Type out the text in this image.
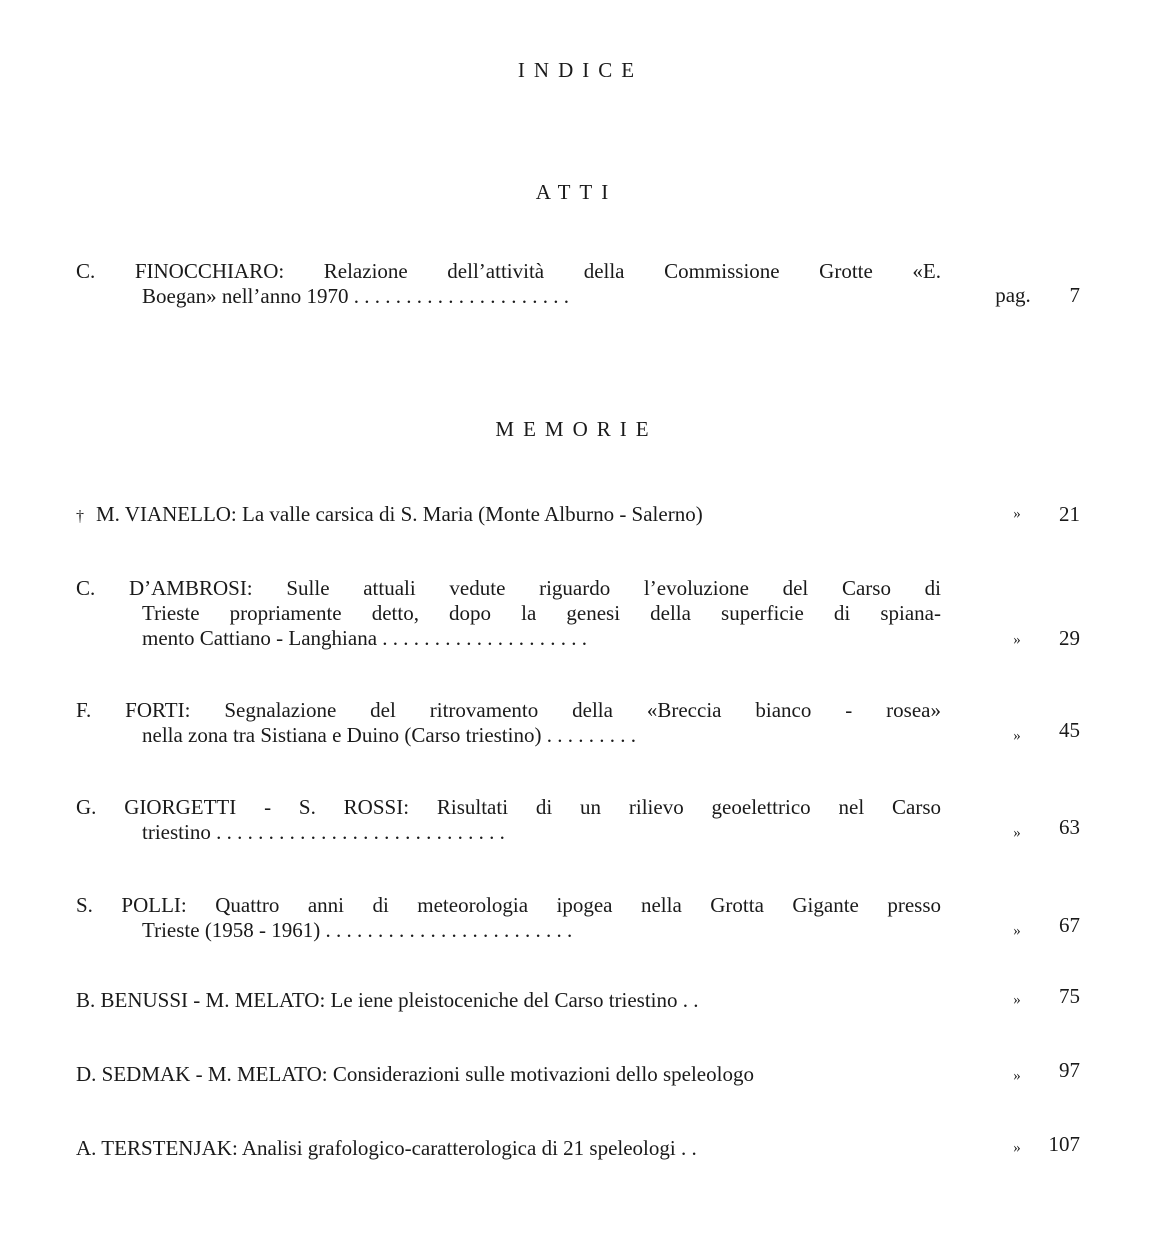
INDICE
ATTI
C. FINOCCHIARO: Relazione dell’attività della Commissione Grotte «E.
Boegan» nell’anno 1970 . . . . . . . . . . . . . . . . . . . . .	pag.	7
MEMORIE
† M. VIANELLO: La valle carsica di S. Maria (Monte Alburno - Salerno)	»	21
C. D’AMBROSI: Sulle attuali vedute riguardo l’evoluzione del Carso di
Trieste propriamente detto, dopo la genesi della superficie di spiana-
mento Cattiano - Langhiana . . . . . . . . . . . . . . . . . . . .	»	29
F. FORTI: Segnalazione del ritrovamento della «Breccia bianco - rosea»
nella zona tra Sistiana e Duino (Carso triestino) . . . . . . . . .	»	45
G. GIORGETTI - S. ROSSI: Risultati di un rilievo geoelettrico nel Carso
triestino . . . . . . . . . . . . . . . . . . . . . . . . . . . .	»	63
S. POLLI: Quattro anni di meteorologia ipogea nella Grotta Gigante presso
Trieste (1958 - 1961) . . . . . . . . . . . . . . . . . . . . . . . .	»	67
B. BENUSSI - M. MELATO: Le iene pleistoceniche del Carso triestino . .	»	75
D. SEDMAK - M. MELATO: Considerazioni sulle motivazioni dello speleologo	»	97
A. TERSTENJAK: Analisi grafologico-caratterologica di 21 speleologi . .	»	107
